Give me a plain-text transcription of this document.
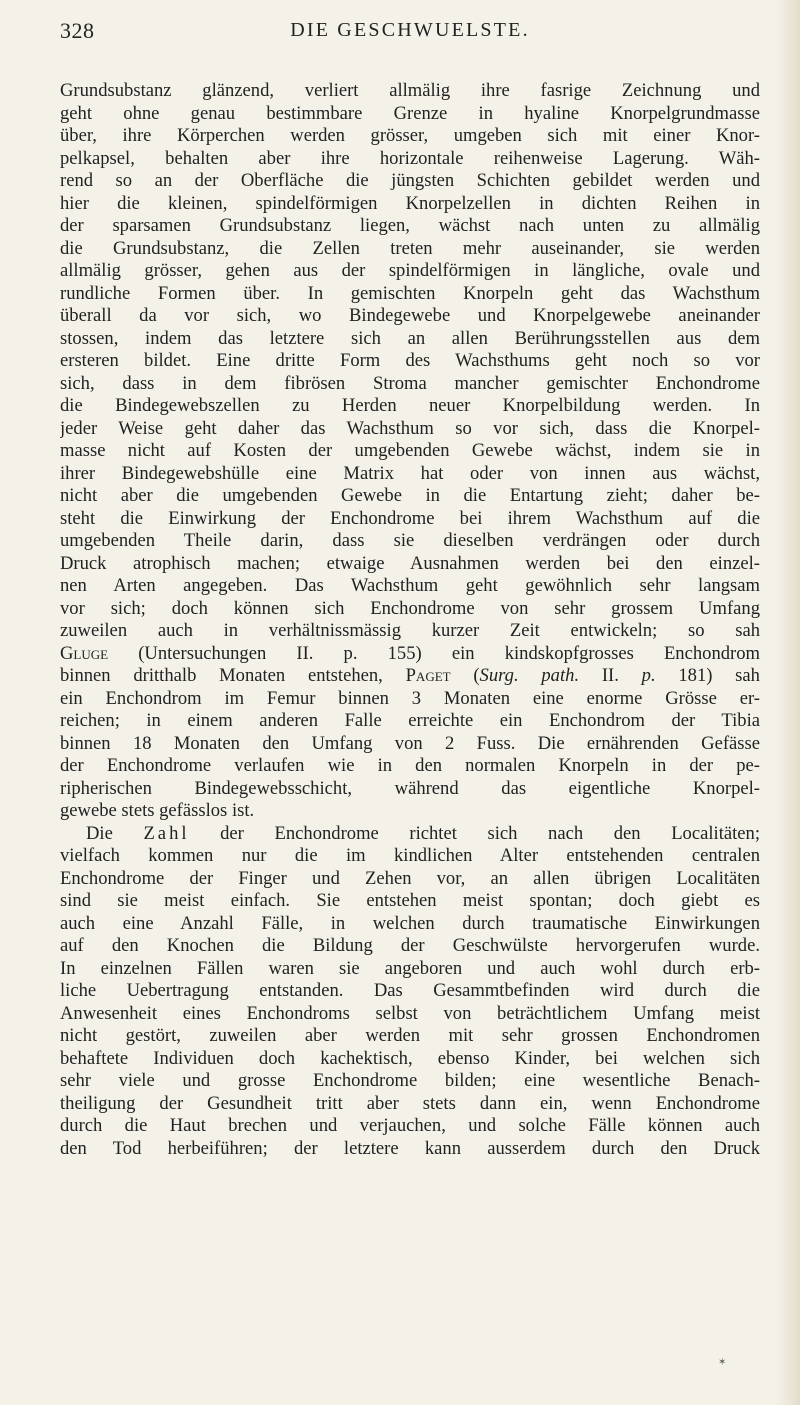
328	DIE GESCHWUELSTE.
Grundsubstanz glänzend, verliert allmälig ihre fasrige Zeichnung und
geht ohne genau bestimmbare Grenze in hyaline Knorpelgrundmasse
über, ihre Körperchen werden grösser, umgeben sich mit einer Knor-
pelkapsel, behalten aber ihre horizontale reihenweise Lagerung. Wäh-
rend so an der Oberfläche die jüngsten Schichten gebildet werden und
hier die kleinen, spindelförmigen Knorpelzellen in dichten Reihen in
der sparsamen Grundsubstanz liegen, wächst nach unten zu allmälig
die Grundsubstanz, die Zellen treten mehr auseinander, sie werden
allmälig grösser, gehen aus der spindelförmigen in längliche, ovale und
rundliche Formen über. In gemischten Knorpeln geht das Wachsthum
überall da vor sich, wo Bindegewebe und Knorpelgewebe aneinander
stossen, indem das letztere sich an allen Berührungsstellen aus dem
ersteren bildet. Eine dritte Form des Wachsthums geht noch so vor
sich, dass in dem fibrösen Stroma mancher gemischter Enchondrome
die Bindegewebszellen zu Herden neuer Knorpelbildung werden. In
jeder Weise geht daher das Wachsthum so vor sich, dass die Knorpel-
masse nicht auf Kosten der umgebenden Gewebe wächst, indem sie in
ihrer Bindegewebshülle eine Matrix hat oder von innen aus wächst,
nicht aber die umgebenden Gewebe in die Entartung zieht; daher be-
steht die Einwirkung der Enchondrome bei ihrem Wachsthum auf die
umgebenden Theile darin, dass sie dieselben verdrängen oder durch
Druck atrophisch machen; etwaige Ausnahmen werden bei den einzel-
nen Arten angegeben. Das Wachsthum geht gewöhnlich sehr langsam
vor sich; doch können sich Enchondrome von sehr grossem Umfang
zuweilen auch in verhältnissmässig kurzer Zeit entwickeln; so sah
Gluge (Untersuchungen II. p. 155) ein kindskopfgrosses Enchondrom
binnen dritthalb Monaten entstehen, Paget (Surg. path. II. p. 181) sah
ein Enchondrom im Femur binnen 3 Monaten eine enorme Grösse er-
reichen; in einem anderen Falle erreichte ein Enchondrom der Tibia
binnen 18 Monaten den Umfang von 2 Fuss. Die ernährenden Gefässe
der Enchondrome verlaufen wie in den normalen Knorpeln in der pe-
ripherischen Bindegewebsschicht, während das eigentliche Knorpel-
gewebe stets gefässlos ist.
Die Zahl der Enchondrome richtet sich nach den Localitäten;
vielfach kommen nur die im kindlichen Alter entstehenden centralen
Enchondrome der Finger und Zehen vor, an allen übrigen Localitäten
sind sie meist einfach. Sie entstehen meist spontan; doch giebt es
auch eine Anzahl Fälle, in welchen durch traumatische Einwirkungen
auf den Knochen die Bildung der Geschwülste hervorgerufen wurde.
In einzelnen Fällen waren sie angeboren und auch wohl durch erb-
liche Uebertragung entstanden. Das Gesammtbefinden wird durch die
Anwesenheit eines Enchondroms selbst von beträchtlichem Umfang meist
nicht gestört, zuweilen aber werden mit sehr grossen Enchondromen
behaftete Individuen doch kachektisch, ebenso Kinder, bei welchen sich
sehr viele und grosse Enchondrome bilden; eine wesentliche Benach-
theiligung der Gesundheit tritt aber stets dann ein, wenn Enchondrome
durch die Haut brechen und verjauchen, und solche Fälle können auch
den Tod herbeiführen; der letztere kann ausserdem durch den Druck
✶
